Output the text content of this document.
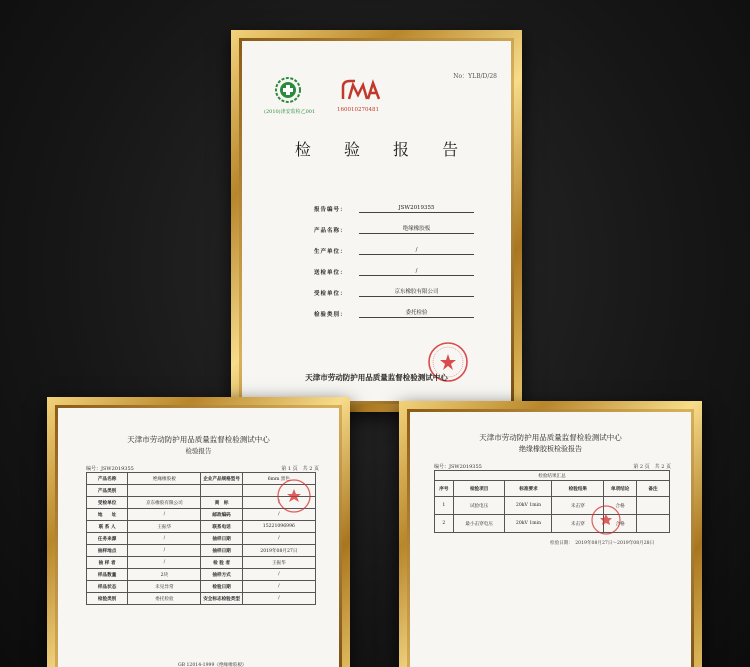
No：YLB/D/28
(2010)津安监检乙001	160010270481
检 验 报 告
报告编号：	JSW2019355
产品名称：	绝缘橡胶板
生产单位：	/
送检单位：	/
受检单位：	京东橡胶有限公司
检验类别：	委托检验
天津市劳动防护用品质量监督检验测试中心
天津市劳动防护用品质量监督检验测试中心
检验报告
编号：JSW2019355	第 1 页　共 2 页
产品名称	绝缘橡胶板	企业产品规格型号	6mm 黑色
产品类别			
受检单位	京东橡胶有限公司	商　标	/
地　　址	/	邮政编码	/
联 系 人	王振华	联系电话	15221096996
任务来源	/	抽样日期	/
抽样地点	/	抽样日期	2019年08月27日
抽 样 者	/	检 验 者	王振华
样品数量	2块	抽样方式	/
样品状态	未见异常	检验日期	/
检验类别	委托检验	安全标志检验类型	/
GB 12014-1999《绝缘橡胶板》
天津市劳动防护用品质量监督检验测试中心
绝缘橡胶板检验报告
编号：JSW2019355	第 2 页　共 2 页
检验结果汇总					
序号	检验项目	标准要求	检验结果	单项结论	备注
1	试验电压	20kV 1min	未击穿	合格	
2	最小击穿电压	20kV 1min	未击穿	合格	
检验日期：　2019年08月27日～2019年08月28日
